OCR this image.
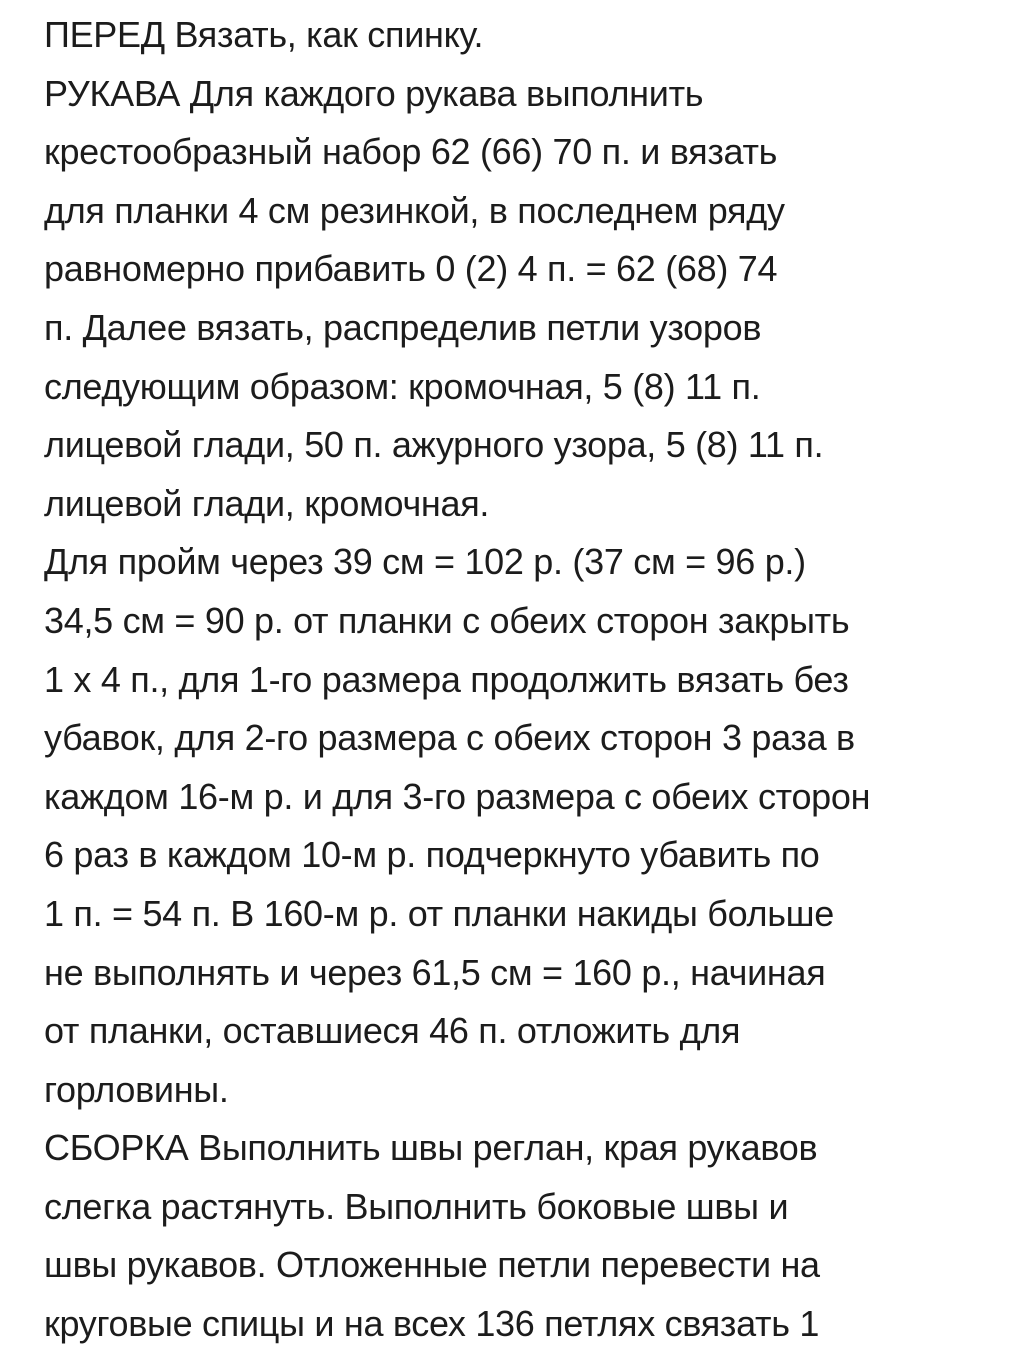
ПЕРЕД Вязать, как спинку.
РУКАВА Для каждого рукава выполнить
крестообразный набор 62 (66) 70 п. и вязать
для планки 4 см резинкой, в последнем ряду
равномерно прибавить 0 (2) 4 п. = 62 (68) 74
п. Далее вязать, распределив петли узоров
следующим образом: кромочная, 5 (8) 11 п.
лицевой глади, 50 п. ажурного узора, 5 (8) 11 п.
лицевой глади, кромочная.
Для пройм через 39 см = 102 р. (37 см = 96 р.)
34,5 см = 90 р. от планки с обеих сторон закрыть
1 х 4 п., для 1-го размера продолжить вязать без
убавок, для 2-го размера с обеих сторон 3 раза в
каждом 16-м р. и для 3-го размера с обеих сторон
6 раз в каждом 10-м р. подчеркнуто убавить по
1 п. = 54 п. В 160-м р. от планки накиды больше
не выполнять и через 61,5 см = 160 р., начиная
от планки, оставшиеся 46 п. отложить для
горловины.
СБОРКА Выполнить швы реглан, края рукавов
слегка растянуть. Выполнить боковые швы и
швы рукавов. Отложенные петли перевести на
круговые спицы и на всех 136 петлях связать 1
